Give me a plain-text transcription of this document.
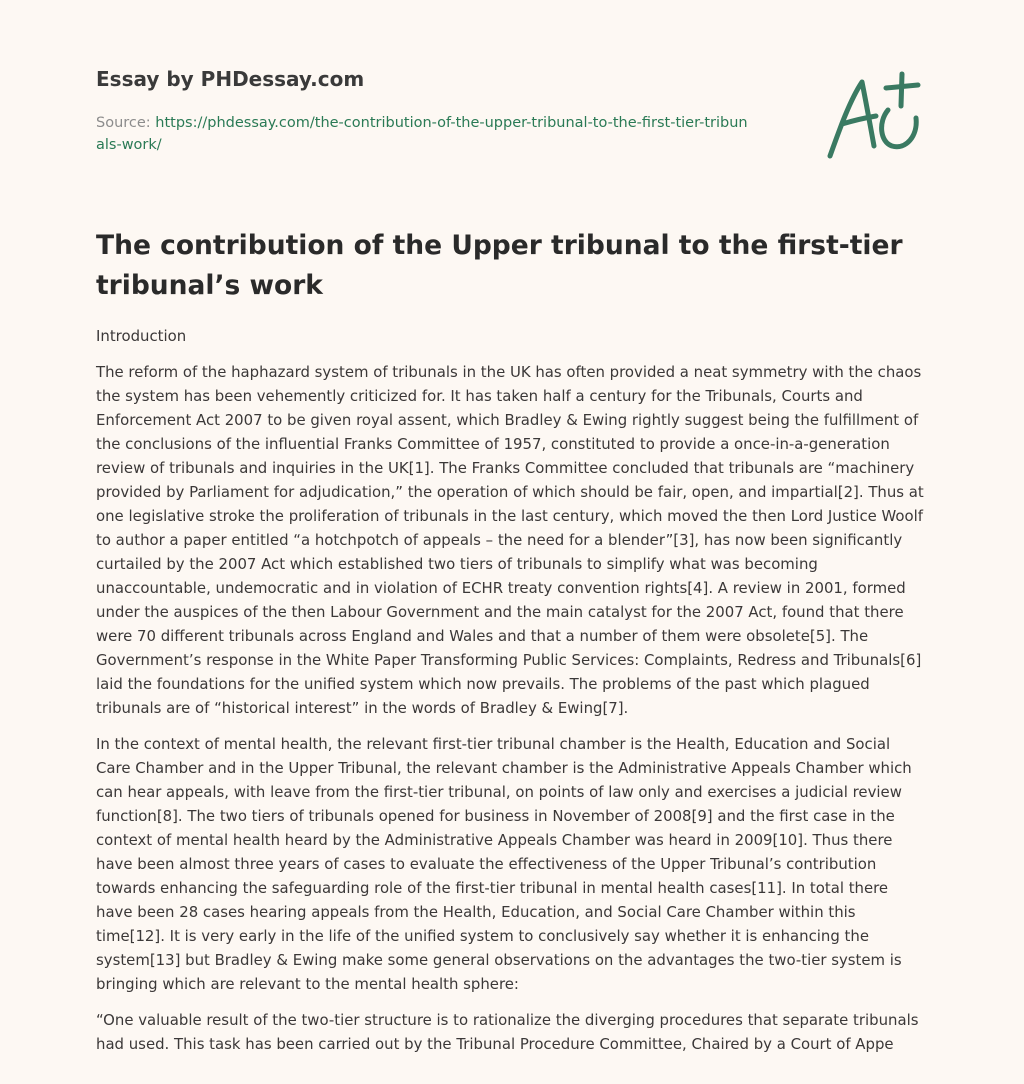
Essay by PHDessay.com
Source: https://phdessay.com/the-contribution-of-the-upper-tribunal-to-the-first-tier-tribunals-work/
The contribution of the Upper tribunal to the first-tier tribunal’s work

Introduction

The reform of the haphazard system of tribunals in the UK has often provided a neat symmetry with the chaos the system has been vehemently criticized for. It has taken half a century for the Tribunals, Courts and Enforcement Act 2007 to be given royal assent, which Bradley & Ewing rightly suggest being the fulfillment of the conclusions of the influential Franks Committee of 1957, constituted to provide a once-in-a-generation review of tribunals and inquiries in the UK[1]. The Franks Committee concluded that tribunals are “machinery provided by Parliament for adjudication,” the operation of which should be fair, open, and impartial[2]. Thus at one legislative stroke the proliferation of tribunals in the last century, which moved the then Lord Justice Woolf to author a paper entitled “a hotchpotch of appeals – the need for a blender”[3], has now been significantly curtailed by the 2007 Act which established two tiers of tribunals to simplify what was becoming unaccountable, undemocratic and in violation of ECHR treaty convention rights[4]. A review in 2001, formed under the auspices of the then Labour Government and the main catalyst for the 2007 Act, found that there were 70 different tribunals across England and Wales and that a number of them were obsolete[5]. The Government’s response in the White Paper Transforming Public Services: Complaints, Redress and Tribunals[6] laid the foundations for the unified system which now prevails. The problems of the past which plagued tribunals are of “historical interest” in the words of Bradley & Ewing[7].

In the context of mental health, the relevant first-tier tribunal chamber is the Health, Education and Social Care Chamber and in the Upper Tribunal, the relevant chamber is the Administrative Appeals Chamber which can hear appeals, with leave from the first-tier tribunal, on points of law only and exercises a judicial review function[8]. The two tiers of tribunals opened for business in November of 2008[9] and the first case in the context of mental health heard by the Administrative Appeals Chamber was heard in 2009[10]. Thus there have been almost three years of cases to evaluate the effectiveness of the Upper Tribunal’s contribution towards enhancing the safeguarding role of the first-tier tribunal in mental health cases[11]. In total there have been 28 cases hearing appeals from the Health, Education, and Social Care Chamber within this time[12]. It is very early in the life of the unified system to conclusively say whether it is enhancing the system[13] but Bradley & Ewing make some general observations on the advantages the two-tier system is bringing which are relevant to the mental health sphere:

“One valuable result of the two-tier structure is to rationalize the diverging procedures that separate tribunals had used. This task has been carried out by the Tribunal Procedure Committee, Chaired by a Court of Appe
